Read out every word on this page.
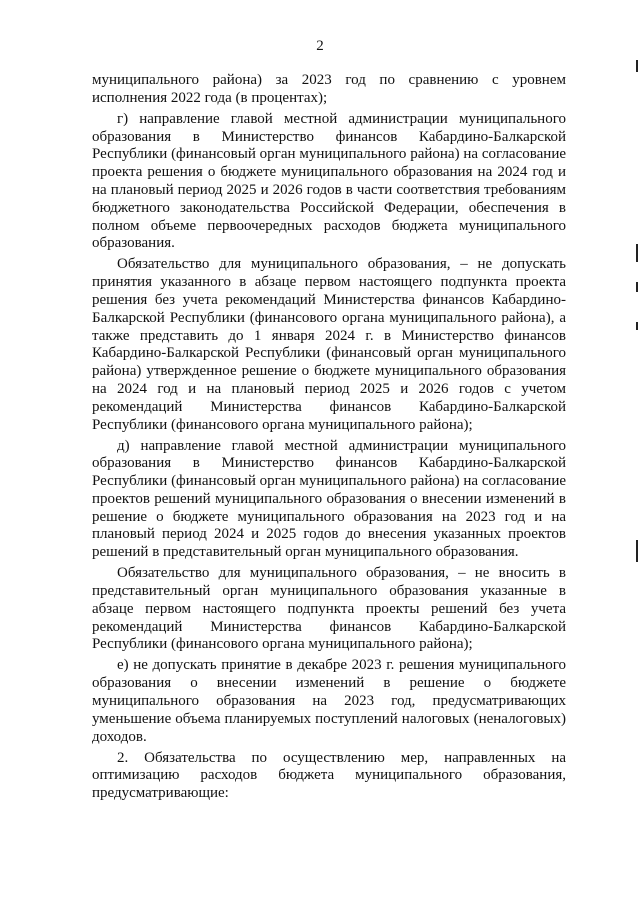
2

муниципального района) за 2023 год по сравнению с уровнем исполнения 2022 года (в процентах);

г) направление главой местной администрации муниципального образования в Министерство финансов Кабардино-Балкарской Республики (финансовый орган муниципального района) на согласование проекта решения о бюджете муниципального образования на 2024 год и на плановый период 2025 и 2026 годов в части соответствия требованиям бюджетного законодательства Российской Федерации, обеспечения в полном объеме первоочередных расходов бюджета муниципального образования.

Обязательство для муниципального образования, – не допускать принятия указанного в абзаце первом настоящего подпункта проекта решения без учета рекомендаций Министерства финансов Кабардино-Балкарской Республики (финансового органа муниципального района), а также представить до 1 января 2024 г. в Министерство финансов Кабардино-Балкарской Республики (финансовый орган муниципального района) утвержденное решение о бюджете муниципального образования на 2024 год и на плановый период 2025 и 2026 годов с учетом рекомендаций Министерства финансов Кабардино-Балкарской Республики (финансового органа муниципального района);

д) направление главой местной администрации муниципального образования в Министерство финансов Кабардино-Балкарской Республики (финансовый орган муниципального района) на согласование проектов решений муниципального образования о внесении изменений в решение о бюджете муниципального образования на 2023 год и на плановый период 2024 и 2025 годов до внесения указанных проектов решений в представительный орган муниципального образования.

Обязательство для муниципального образования, – не вносить в представительный орган муниципального образования указанные в абзаце первом настоящего подпункта проекты решений без учета рекомендаций Министерства финансов Кабардино-Балкарской Республики (финансового органа муниципального района);

е) не допускать принятие в декабре 2023 г. решения муниципального образования о внесении изменений в решение о бюджете муниципального образования на 2023 год, предусматривающих уменьшение объема планируемых поступлений налоговых (неналоговых) доходов.

2. Обязательства по осуществлению мер, направленных на оптимизацию расходов бюджета муниципального образования, предусматривающие:
